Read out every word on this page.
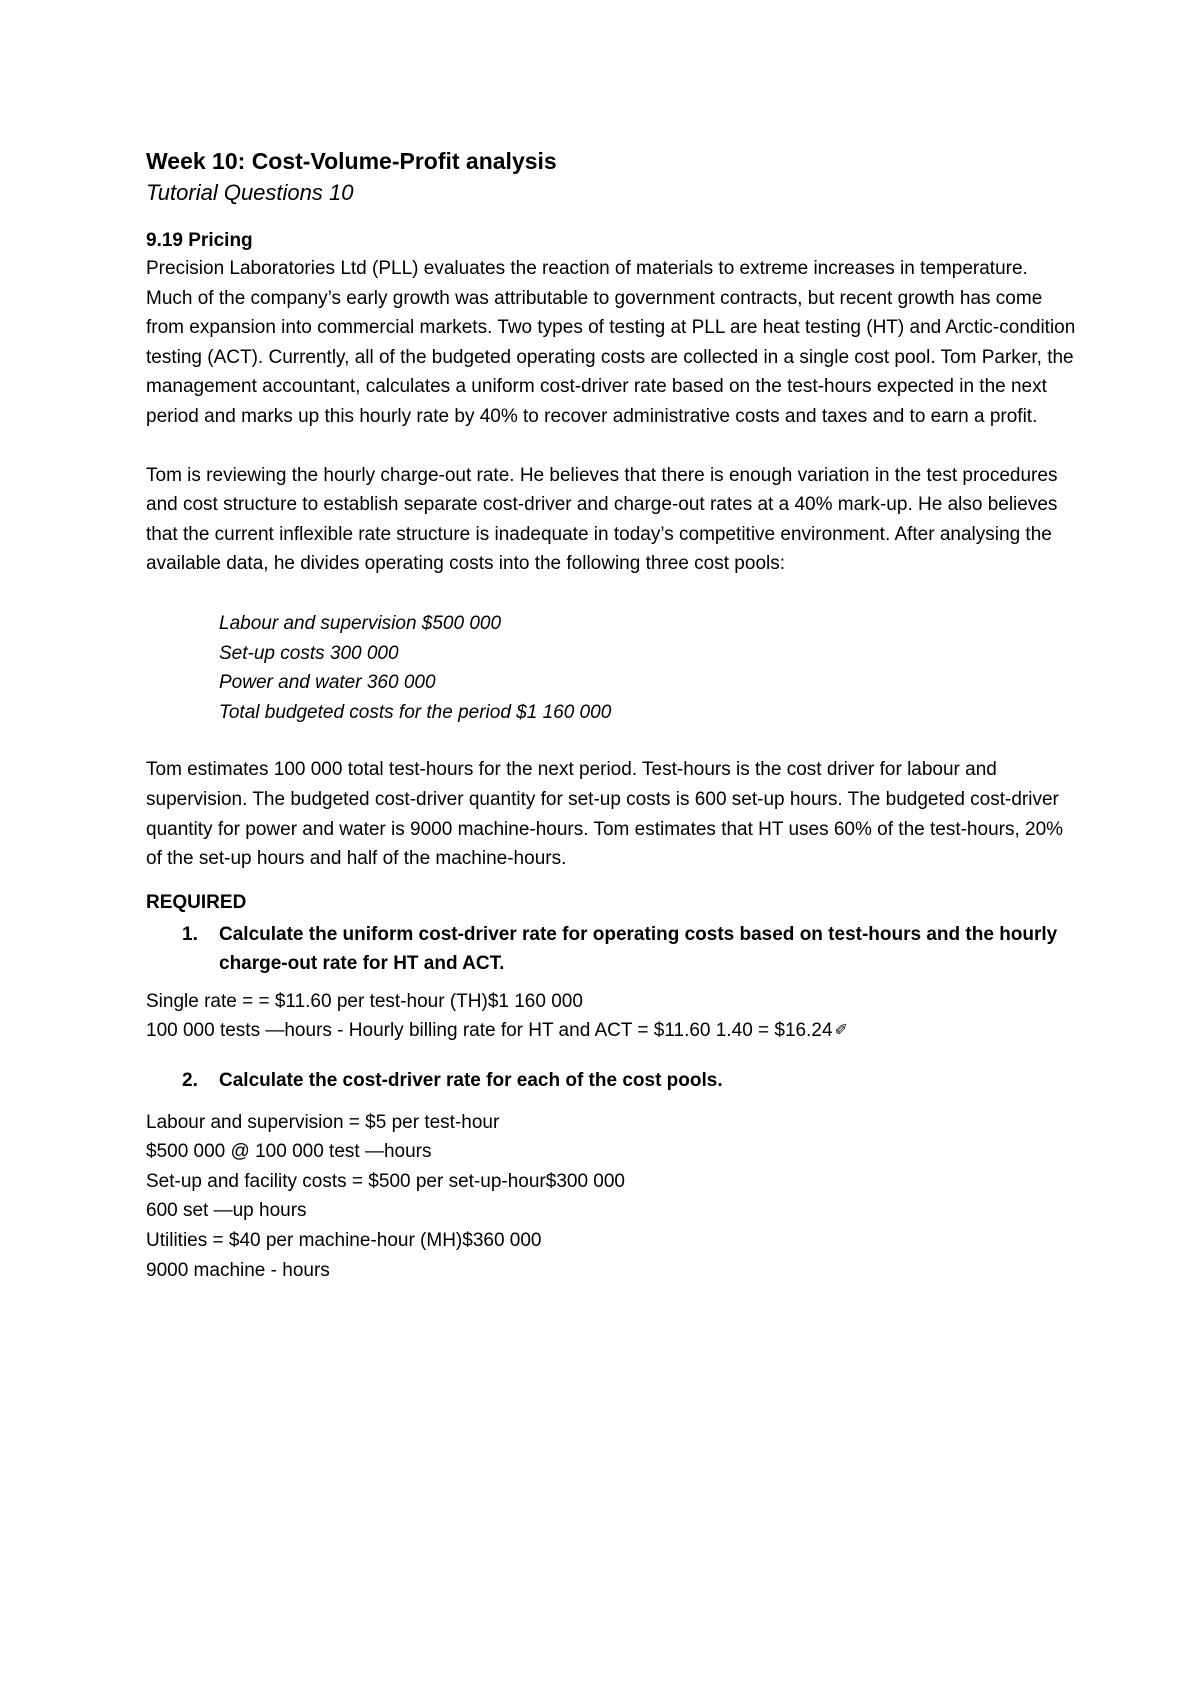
Week 10: Cost-Volume-Profit analysis

Tutorial Questions 10

9.19 Pricing

Precision Laboratories Ltd (PLL) evaluates the reaction of materials to extreme increases in temperature. Much of the company’s early growth was attributable to government contracts, but recent growth has come from expansion into commercial markets. Two types of testing at PLL are heat testing (HT) and Arctic-condition testing (ACT). Currently, all of the budgeted operating costs are collected in a single cost pool. Tom Parker, the management accountant, calculates a uniform cost-driver rate based on the test-hours expected in the next period and marks up this hourly rate by 40% to recover administrative costs and taxes and to earn a profit.

Tom is reviewing the hourly charge-out rate. He believes that there is enough variation in the test procedures and cost structure to establish separate cost-driver and charge-out rates at a 40% mark-up. He also believes that the current inflexible rate structure is inadequate in today’s competitive environment. After analysing the available data, he divides operating costs into the following three cost pools:

Labour and supervision $500 000
Set-up costs 300 000
Power and water 360 000
Total budgeted costs for the period $1 160 000

Tom estimates 100 000 total test-hours for the next period. Test-hours is the cost driver for labour and supervision. The budgeted cost-driver quantity for set-up costs is 600 set-up hours. The budgeted cost-driver quantity for power and water is 9000 machine-hours. Tom estimates that HT uses 60% of the test-hours, 20% of the set-up hours and half of the machine-hours.

REQUIRED

1.	Calculate the uniform cost-driver rate for operating costs based on test-hours and the hourly charge-out rate for HT and ACT.

Single rate = = $11.60 per test-hour (TH)$1 160 000

100 000 tests —hours - Hourly billing rate for HT and ACT = $11.60 1.40 = $16.24 ✐

2.	Calculate the cost-driver rate for each of the cost pools.

Labour and supervision = $5 per test-hour

$500 000 @ 100 000 test —hours

Set-up and facility costs = $500 per set-up-hour$300 000

600 set —up hours

Utilities = $40 per machine-hour (MH)$360 000

9000 machine - hours
